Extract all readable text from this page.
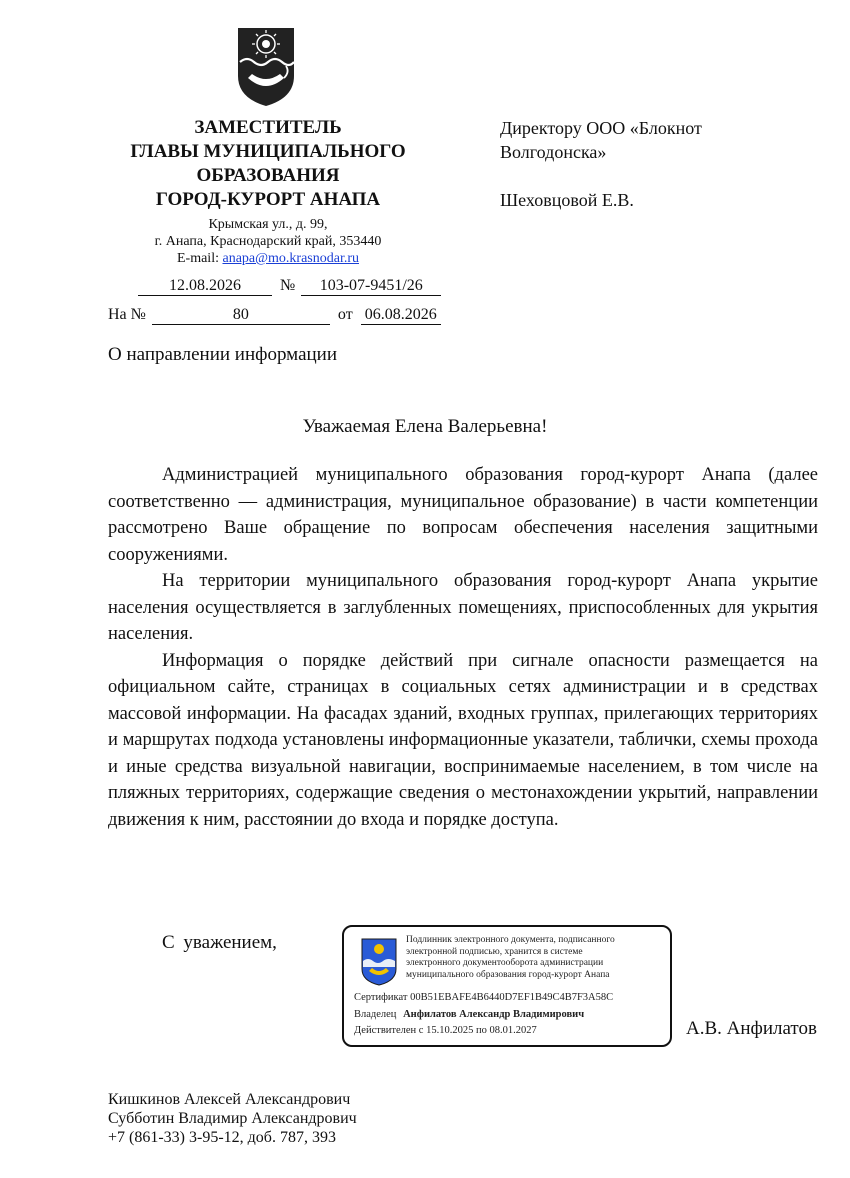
ЗАМЕСТИТЕЛЬ
ГЛАВЫ МУНИЦИПАЛЬНОГО
ОБРАЗОВАНИЯ
ГОРОД-КУРОРТ АНАПА
Крымская ул., д. 99,
г. Анапа, Краснодарский край, 353440
E-mail: anapa@mo.krasnodar.ru
12.08.2026 № 103-07-9451/26
На №	80	от 06.08.2026
Директору ООО «Блокнот
Волгодонска»
Шеховцовой Е.В.
О направлении информации
Уважаемая Елена Валерьевна!

Администрацией муниципального образования город-курорт Анапа (далее соответственно — администрация, муниципальное образование) в части компетенции рассмотрено Ваше обращение по вопросам обеспечения населения защитными сооружениями.

На территории муниципального образования город-курорт Анапа укрытие населения осуществляется в заглубленных помещениях, приспособленных для укрытия населения.

Информация о порядке действий при сигнале опасности размещается на официальном сайте, страницах в социальных сетях администрации и в средствах массовой информации. На фасадах зданий, входных группах, прилегающих территориях и маршрутах подхода установлены информационные указатели, таблички, схемы прохода и иные средства визуальной навигации, воспринимаемые населением, в том числе на пляжных территориях, содержащие сведения о местонахождении укрытий, направлении движения к ним, расстоянии до входа и порядке доступа.

С уважением,	Подлинник электронного документа, подписанного
электронной подписью, хранится в системе
электронного документооборота администрации
муниципального образования город-курорт Анапа
Сертификат 00B51EBAFE4B6440D7EF1B49C4B7F3A58C
Владелец Анфилатов Александр Владимирович
Действителен с 15.10.2025 по 08.01.2027	А.В. Анфилатов
Кишкинов Алексей Александрович
Субботин Владимир Александрович
+7 (861-33) 3-95-12, доб. 787, 393
